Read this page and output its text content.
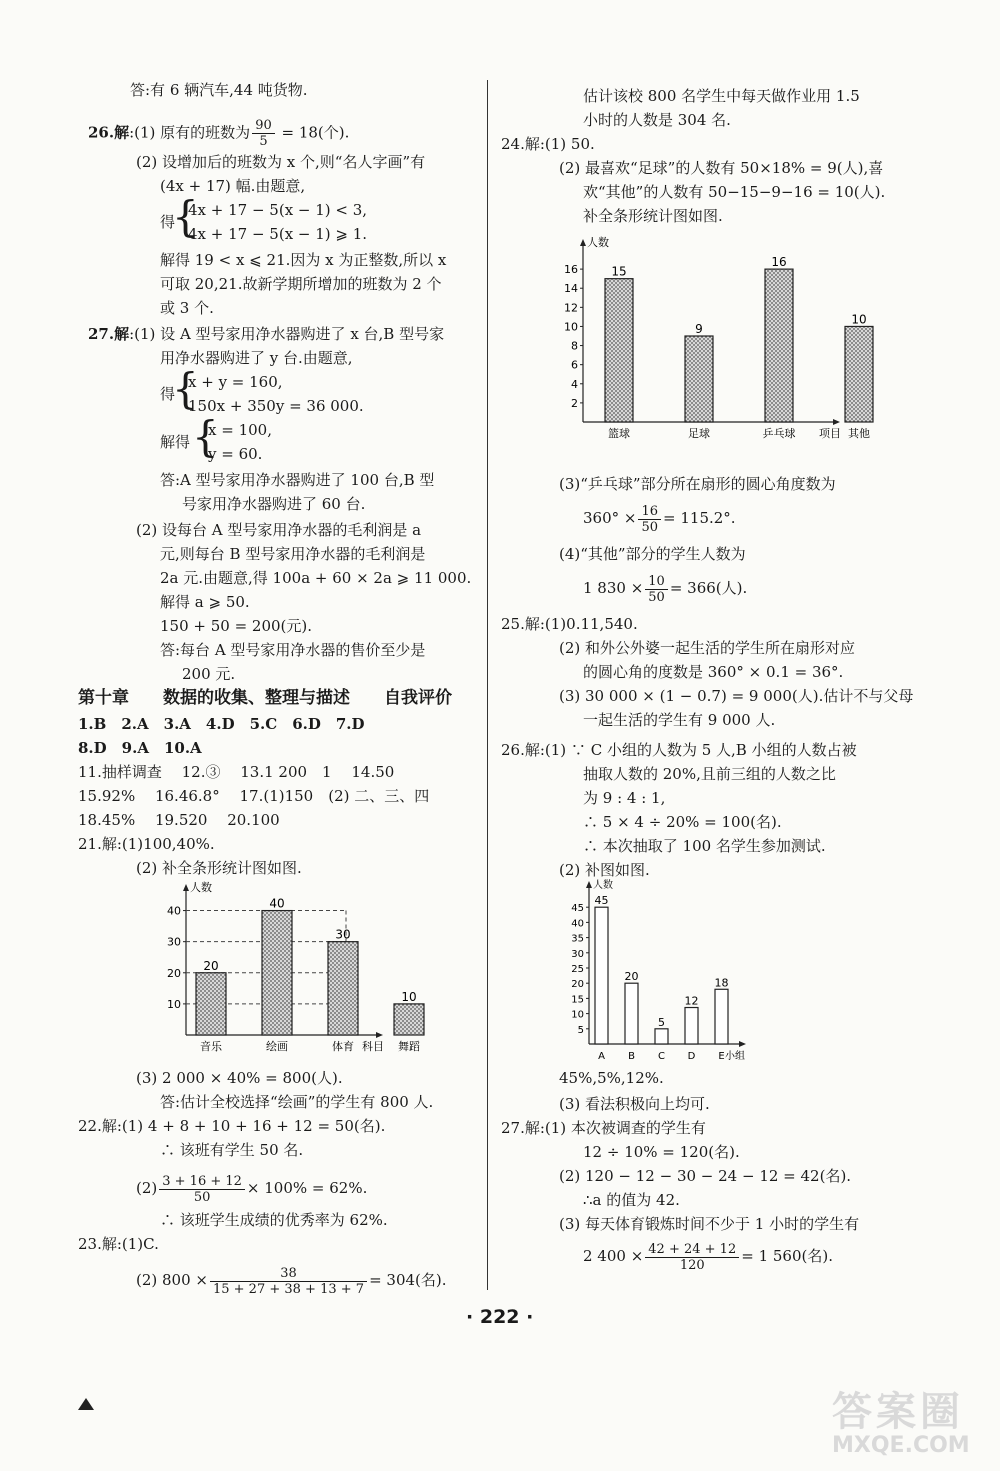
答:有 6 辆汽车,44 吨货物.
26.解:(1) 原有的班数为 $\frac{90}{5} = 18$(个).
(2) 设增加后的班数为 x 个,则“名人字画”有
(4x + 17) 幅.由题意,
得
{
4x + 17 − 5(x − 1) < 3,
4x + 17 − 5(x − 1) ⩾ 1.
解得 19 < x ⩽ 21.因为 x 为正整数,所以 x
可取 20,21.故新学期所增加的班数为 2 个
或 3 个.
27.解:(1) 设 A 型号家用净水器购进了 x 台,B 型号家
用净水器购进了 y 台.由题意,
得
{
x + y = 160,
150x + 350y = 36 000.
解得 {
x = 100,
y = 60.
答:A 型号家用净水器购进了 100 台,B 型
号家用净水器购进了 60 台.
(2) 设每台 A 型号家用净水器的毛利润是 a
元,则每台 B 型号家用净水器的毛利润是
2a 元.由题意,得 100a + 60 × 2a ⩾ 11 000.
解得 a ⩾ 50.
150 + 50 = 200(元).
答:每台 A 型号家用净水器的售价至少是
200 元.
第十章　　数据的收集、整理与描述　　自我评价
1.B　2.A　3.A　4.D　5.C　6.D　7.D
8.D　9.A　10.A
11.抽样调查　 12.③　 13.1 200　1　 14.50
15.92%　 16.46.8°　 17.(1)150　(2) 二、三、四
18.45%　 19.520　 20.100
21.解:(1)100,40%.
(2) 补全条形统计图如图.
人数
科目
10
20
30
40
20
音乐
40
绘画
30
体育
10
舞蹈
(3) 2 000 × 40% = 800(人).
答:估计全校选择“绘画”的学生有 800 人.
22.解:(1) 4 + 8 + 10 + 16 + 12 = 50(名).
∴ 该班有学生 50 名.
$(2) \frac{3 + 16 + 12}{50} \times 100\% = 62\%$.
∴ 该班学生成绩的优秀率为 62%.
23.解:(1)C.
(2) $800 \times \frac{38}{15 + 27 + 38 + 13 + 7} = 304$(名).
估计该校 800 名学生中每天做作业用 1.5
小时的人数是 304 名.
24.解:(1) 50.
(2) 最喜欢“足球”的人数有 50×18% = 9(人),喜
欢“其他”的人数有 50−15−9−16 = 10(人).
补全条形统计图如图.
人数
项目
2
4
6
8
10
12
14
16	15
篮球
9
足球
16
乒乓球
10
其他
(3)“乒乓球”部分所在扇形的圆心角度数为
$360^\circ \times \frac{16}{50} = 115.2^\circ$.
(4)“其他”部分的学生人数为
1 $830 \times \frac{10}{50} = 366$(人).
25.解:(1)0.11,540.
(2) 和外公外婆一起生活的学生所在扇形对应
的圆心角的度数是 360° × 0.1 = 36°.
(3) 30 000 × (1 − 0.7) = 9 000(人).估计不与父母
一起生活的学生有 9 000 人.
26.解:(1) ∵ C 小组的人数为 5 人,B 小组的人数占被
抽取人数的 20%,且前三组的人数之比
为 9 : 4 : 1,
∴ 5 × 4 ÷ 20% = 100(名).
∴ 本次抽取了 100 名学生参加测试.
(2) 补图如图.
人数
小组
5
10
15
20
25
30
35
40
45
45
A
20
B
5
C
12
D
18
E
45%,5%,12%.
(3) 看法积极向上均可.
27.解:(1) 本次被调查的学生有
12 ÷ 10% = 120(名).
(2) 120 − 12 − 30 − 24 − 12 = 42(名).
∴a 的值为 42.
(3) 每天体育锻炼时间不少于 1 小时的学生有
2 $400 \times \frac{42 + 24 + 12}{120} = 1$ 560(名).
· 222 ·
答案圈
MXQE.COM
